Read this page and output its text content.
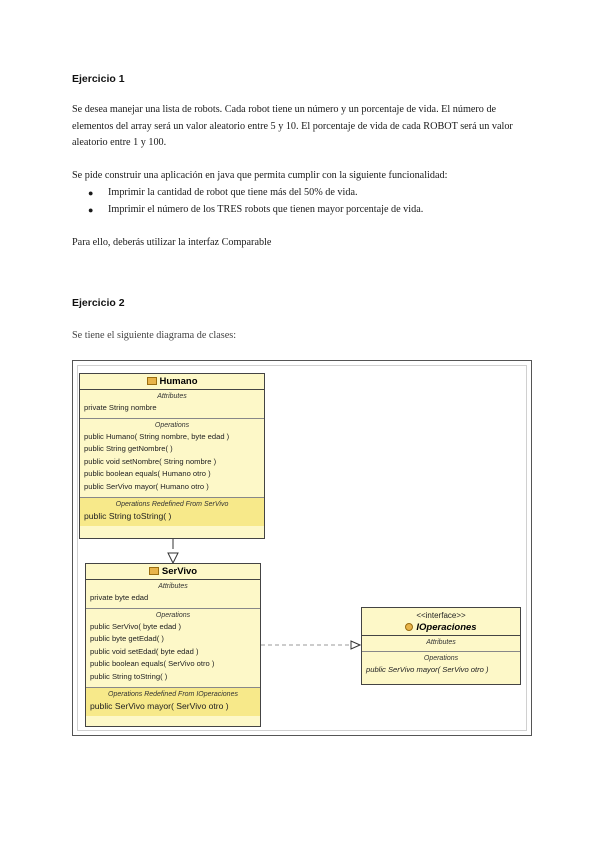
Ejercicio 1

Se desea manejar una lista de robots. Cada robot tiene un número y un porcentaje de vida. El número de elementos del array será un valor aleatorio entre 5 y 10. El porcentaje de vida de cada ROBOT será un valor aleatorio entre 1 y 100.

Se pide construir una aplicación en java que permita cumplir con la siguiente funcionalidad:

● Imprimir la cantidad de robot que tiene más del 50% de vida.
● Imprimir el número de los TRES robots que tienen mayor porcentaje de vida.

Para ello, deberás utilizar la interfaz Comparable

Ejercicio 2

Se tiene el siguiente diagrama de clases:

Humano
Attributes
private String nombre
Operations
public Humano( String nombre, byte edad )
public String getNombre( )
public void setNombre( String nombre )
public boolean equals( Humano otro )
public SerVivo mayor( Humano otro )
Operations Redefined From SerVivo
public String toString( )
SerVivo
Attributes
private byte edad
Operations
public SerVivo( byte edad )
public byte getEdad( )
public void setEdad( byte edad )
public boolean equals( SerVivo otro )
public String toString( )
Operations Redefined From IOperaciones
public SerVivo mayor( SerVivo otro )
<<interface>>
IOperaciones
Attributes
Operations
public SerVivo mayor( SerVivo otro )
